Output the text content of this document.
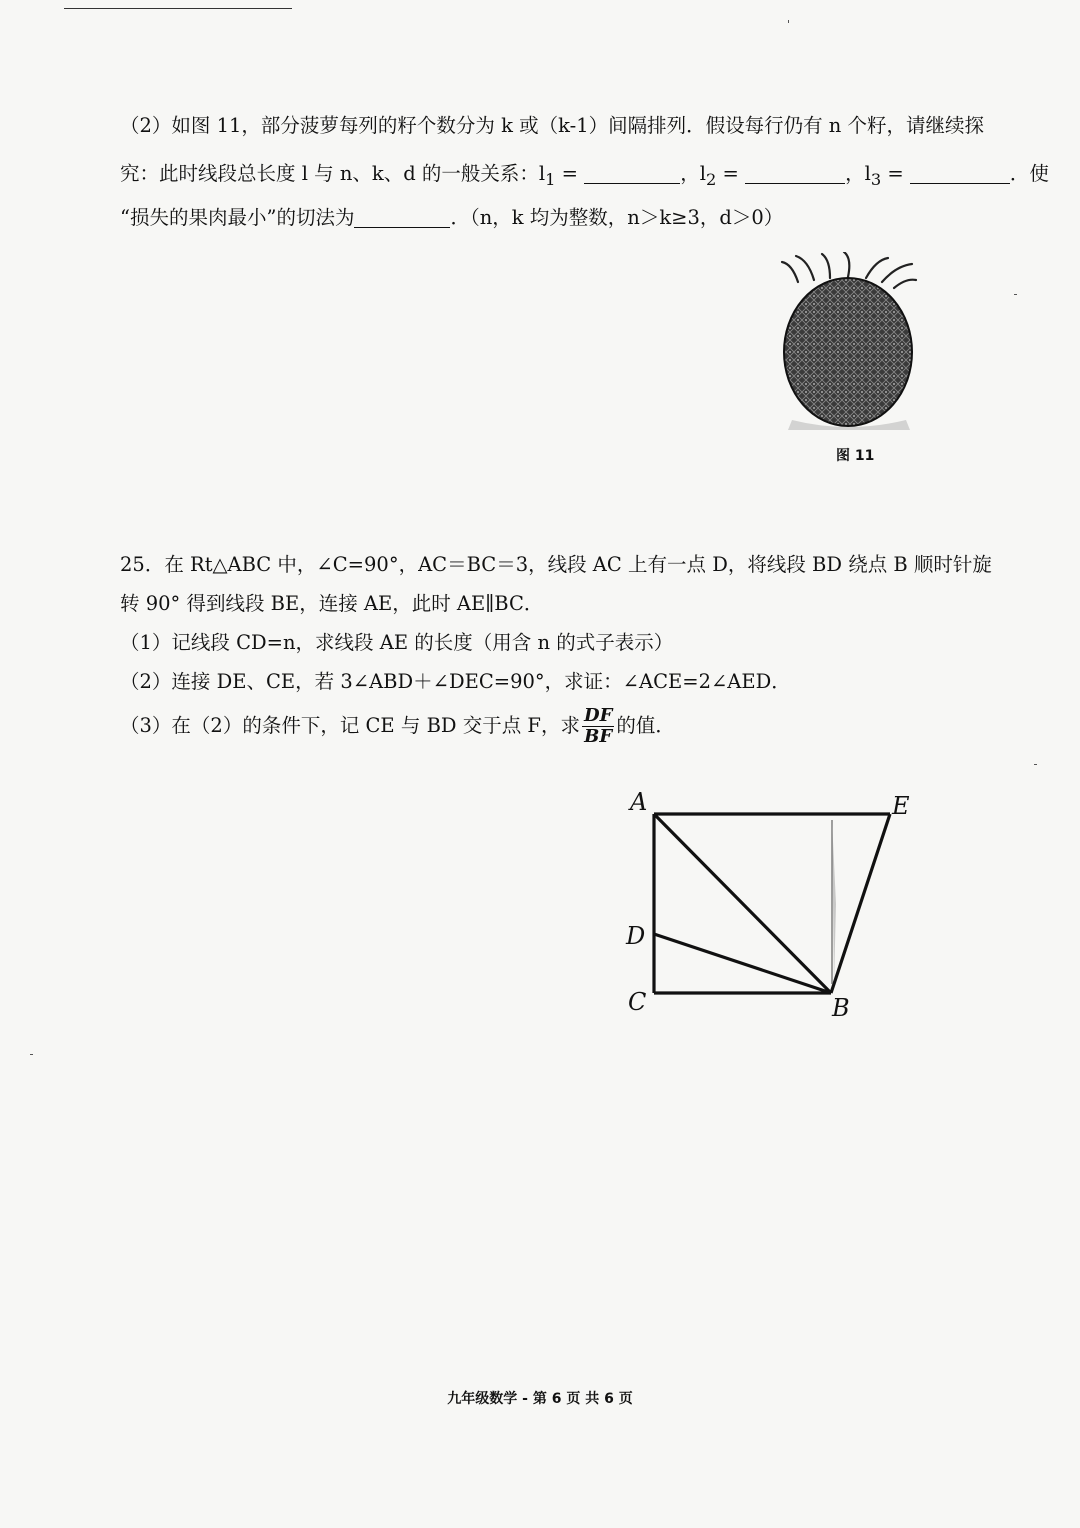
（2）如图 11，部分菠萝每列的籽个数分为 k 或（k-1）间隔排列．假设每行仍有 n 个籽，请继续探
究：此时线段总长度 l 与 n、k、d 的一般关系：$l_1$ =	，$l_2$ =	，$l_3$ =	．使
“损失的果肉最小”的切法为	．（n，k 均为整数，n＞k≥3，d＞0）
图 11
25．在 Rt△ABC 中，∠C=90°，AC＝BC＝3，线段 AC 上有一点 D，将线段 BD 绕点 B 顺时针旋
转 90° 得到线段 BE，连接 AE，此时 AE∥BC．
（1）记线段 CD=n，求线段 AE 的长度（用含 n 的式子表示）
（2）连接 DE、CE，若 3∠ABD＋∠DEC=90°，求证：∠ACE=2∠AED．
（3）在（2）的条件下，记 CE 与 BD 交于点 F，求 $\frac{DF}{BF}$ 的值．
A	E
D
C	B
九年级数学 - 第 6 页 共 6 页
